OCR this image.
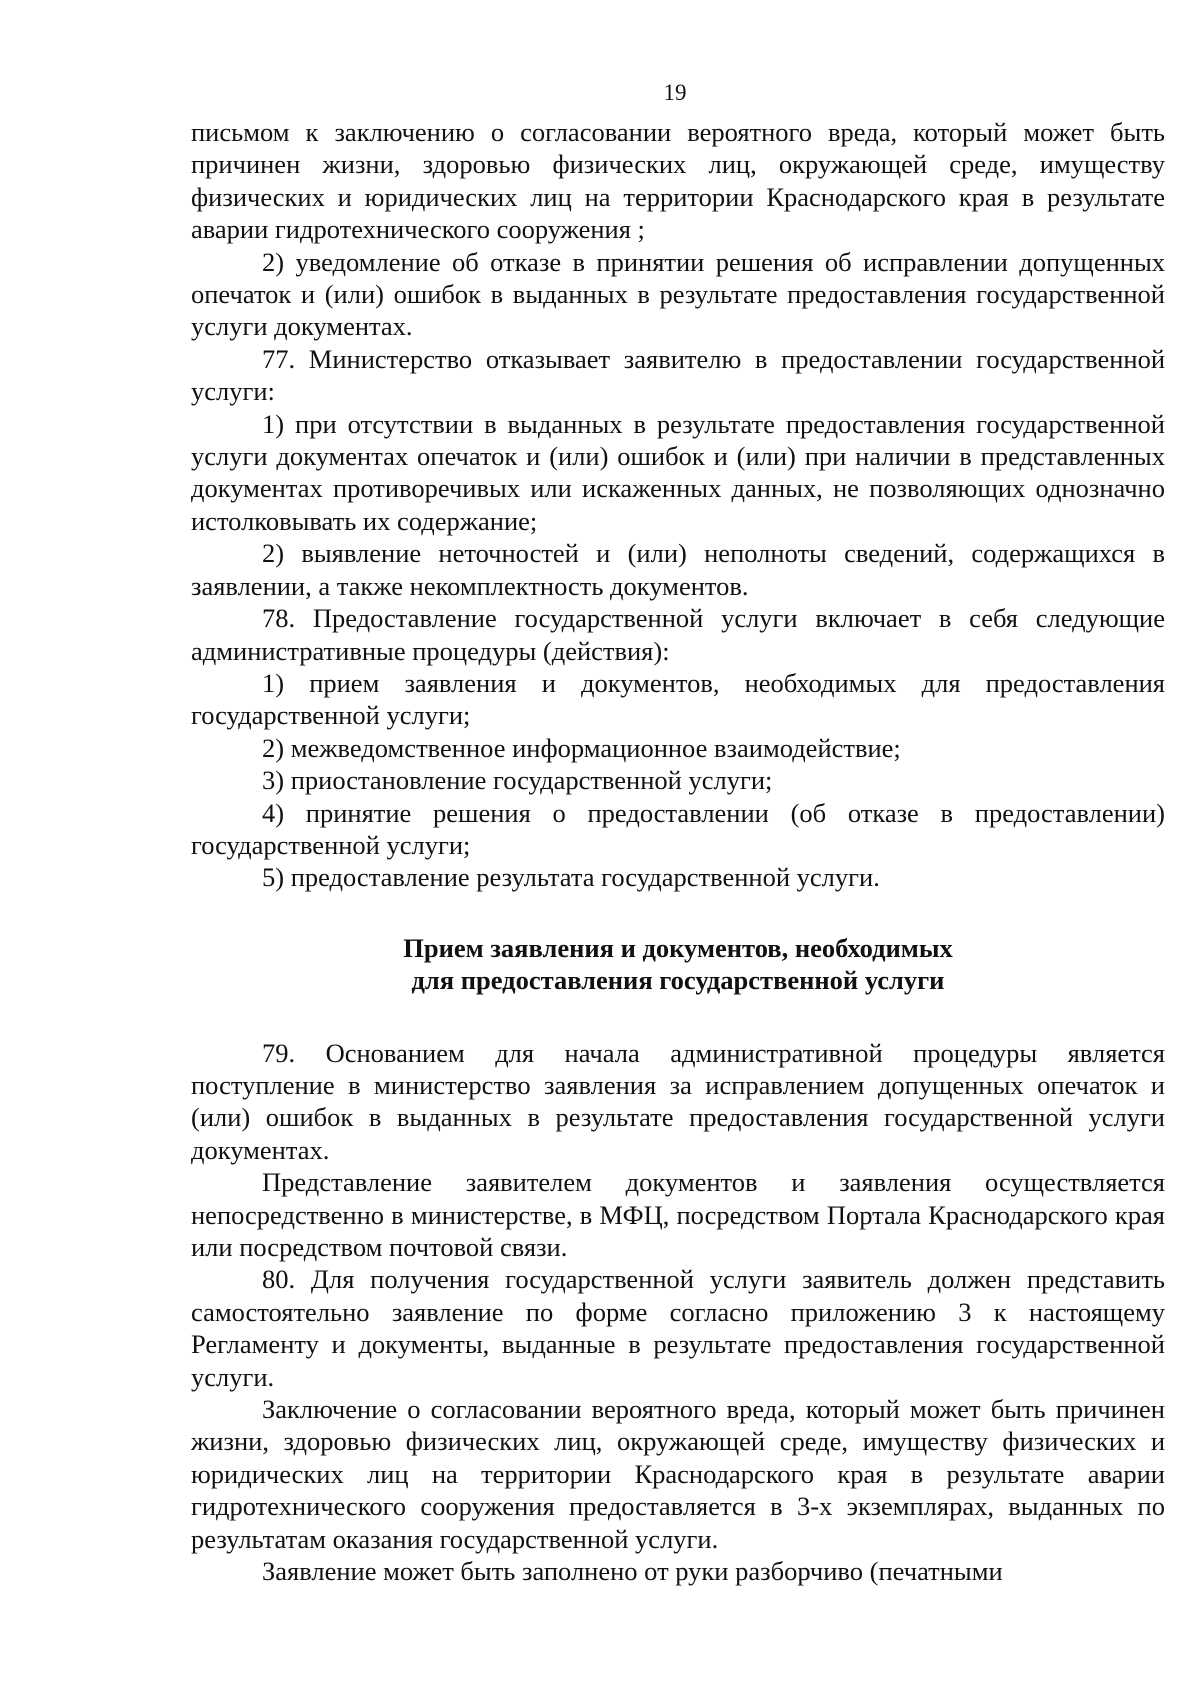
19

письмом к заключению о согласовании вероятного вреда, который может быть причинен жизни, здоровью физических лиц, окружающей среде, имуществу физических и юридических лиц на территории Краснодарского края в результате аварии гидротехнического сооружения ;

2) уведомление об отказе в принятии решения об исправлении допущенных опечаток и (или) ошибок в выданных в результате предоставления государственной услуги документах.

77. Министерство отказывает заявителю в предоставлении государственной услуги:

1) при отсутствии в выданных в результате предоставления государственной услуги документах опечаток и (или) ошибок и (или) при наличии в представленных документах противоречивых или искаженных данных, не позволяющих однозначно истолковывать их содержание;

2) выявление неточностей и (или) неполноты сведений, содержащихся в заявлении, а также некомплектность документов.

78. Предоставление государственной услуги включает в себя следующие административные процедуры (действия):

1) прием заявления и документов, необходимых для предоставления государственной услуги;

2) межведомственное информационное взаимодействие;

3) приостановление государственной услуги;

4) принятие решения о предоставлении (об отказе в предоставлении) государственной услуги;

5) предоставление результата государственной услуги.

Прием заявления и документов, необходимых
для предоставления государственной услуги

79. Основанием для начала административной процедуры является поступление в министерство заявления за исправлением допущенных опечаток и (или) ошибок в выданных в результате предоставления государственной услуги документах.

Представление заявителем документов и заявления осуществляется непосредственно в министерстве, в МФЦ, посредством Портала Краснодарского края или посредством почтовой связи.

80. Для получения государственной услуги заявитель должен представить самостоятельно заявление по форме согласно приложению 3 к настоящему Регламенту и документы, выданные в результате предоставления государственной услуги.

Заключение о согласовании вероятного вреда, который может быть причинен жизни, здоровью физических лиц, окружающей среде, имуществу физических и юридических лиц на территории Краснодарского края в результате аварии гидротехнического сооружения предоставляется в 3-х экземплярах, выданных по результатам оказания государственной услуги.

Заявление может быть заполнено от руки разборчиво (печатными
